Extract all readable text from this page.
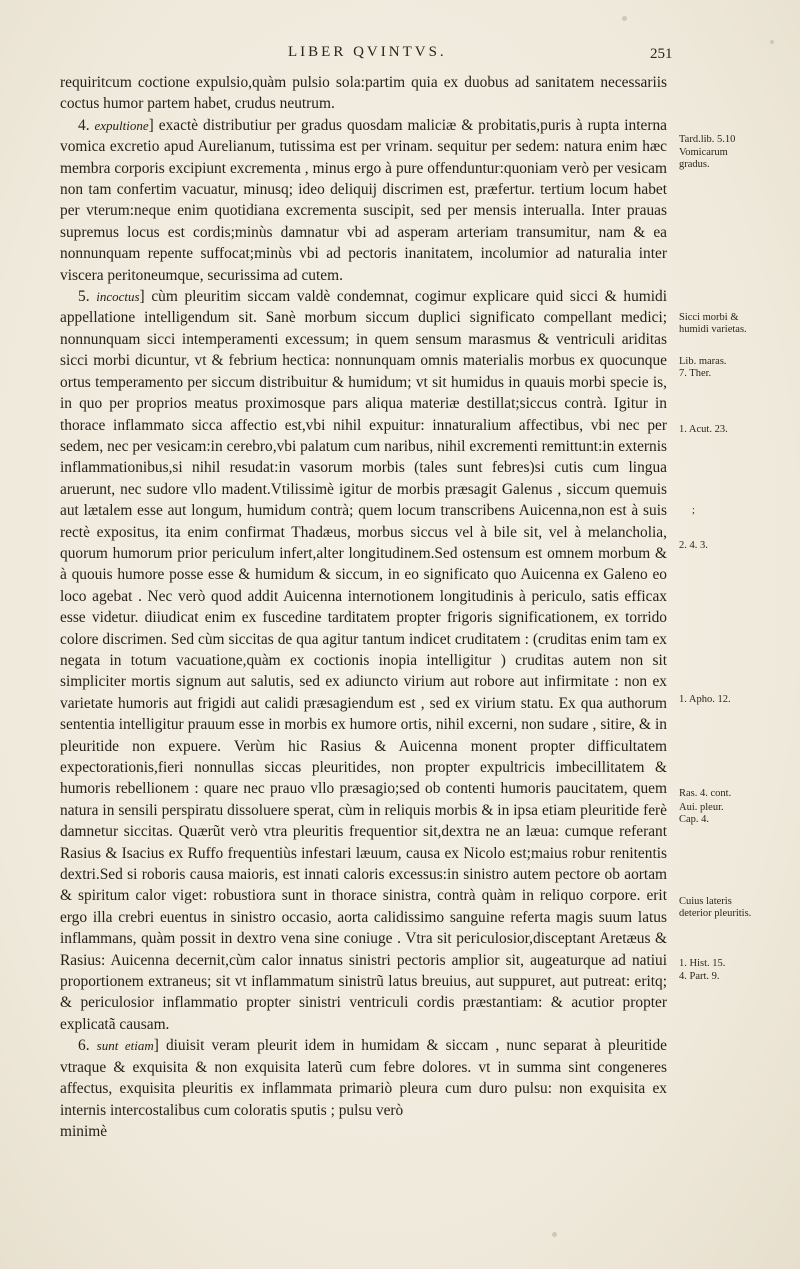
LIBER QVINTVS.	251

requiritcum coctione expulsio,quàm pulsio sola:partim quia ex duobus ad sanitatem necessariis coctus humor partem habet, crudus neutrum.

4. expultione] exactè distributiur per gradus quosdam maliciæ & probitatis,puris à rupta interna vomica excretio apud Aurelianum, tutissima est per vrinam. sequitur per sedem: natura enim hæc membra corporis excipiunt excrementa , minus ergo à pure offenduntur:quoniam verò per vesicam non tam confertim vacuatur, minusq; ideo deliquij discrimen est, præfertur. tertium locum habet per vterum:neque enim quotidiana excrementa suscipit, sed per mensis interualla. Inter prauas supremus locus est cordis;minùs damnatur vbi ad asperam arteriam transumitur, nam & ea nonnunquam repente suffocat;minùs vbi ad pectoris inanitatem, incolumior ad naturalia inter viscera peritoneumque, securissima ad cutem.

5. incoctus] cùm pleuritim siccam valdè condemnat, cogimur explicare quid sicci & humidi appellatione intelligendum sit. Sanè morbum siccum duplici significato compellant medici; nonnunquam sicci intemperamenti excessum; in quem sensum marasmus & ventriculi ariditas sicci morbi dicuntur, vt & febrium hectica: nonnunquam omnis materialis morbus ex quocunque ortus temperamento per siccum distribuitur & humidum; vt sit humidus in quauis morbi specie is, in quo per proprios meatus proximosque pars aliqua materiæ destillat;siccus contrà. Igitur in thorace inflammato sicca affectio est,vbi nihil expuitur: innaturalium affectibus, vbi nec per sedem, nec per vesicam:in cerebro,vbi palatum cum naribus, nihil excrementi remittunt:in externis inflammationibus,si nihil resudat:in vasorum morbis (tales sunt febres)si cutis cum lingua aruerunt, nec sudore vllo madent.Vtilissimè igitur de morbis præsagit Galenus , siccum quemuis aut lætalem esse aut longum, humidum contrà; quem locum transcribens Auicenna,non est à suis rectè expositus, ita enim confirmat Thadæus, morbus siccus vel à bile sit, vel à melancholia, quorum humorum prior periculum infert,alter longitudinem.Sed ostensum est omnem morbum & à quouis humore posse esse & humidum & siccum, in eo significato quo Auicenna ex Galeno eo loco agebat . Nec verò quod addit Auicenna internotionem longitudinis à periculo, satis efficax esse videtur. diiudicat enim ex fuscedine tarditatem propter frigoris significationem, ex torrido colore discrimen. Sed cùm siccitas de qua agitur tantum indicet cruditatem : (cruditas enim tam ex negata in totum vacuatione,quàm ex coctionis inopia intelligitur ) cruditas autem non sit simpliciter mortis signum aut salutis, sed ex adiuncto virium aut robore aut infirmitate : non ex varietate humoris aut frigidi aut calidi præsagiendum est , sed ex virium statu. Ex qua authorum sententia intelligitur prauum esse in morbis ex humore ortis, nihil excerni, non sudare , sitire, & in pleuritide non expuere. Verùm hic Rasius & Auicenna monent propter difficultatem expectorationis,fieri nonnullas siccas pleuritides, non propter expultricis imbecillitatem & humoris rebellionem : quare nec prauo vllo præsagio;sed ob contenti humoris paucitatem, quem natura in sensili perspiratu dissoluere sperat, cùm in reliquis morbis & in ipsa etiam pleuritide ferè damnetur siccitas. Quærũt verò vtra pleuritis frequentior sit,dextra ne an læua: cumque referant Rasius & Isacius ex Ruffo frequentiùs infestari læuum, causa ex Nicolo est;maius robur renitentis dextri.Sed si roboris causa maioris, est innati caloris excessus:in sinistro autem pectore ob aortam & spiritum calor viget: robustiora sunt in thorace sinistra, contrà quàm in reliquo corpore. erit ergo illa crebri euentus in sinistro occasio, aorta calidissimo sanguine referta magis suum latus inflammans, quàm possit in dextro vena sine coniuge . Vtra sit periculosior,disceptant Aretæus & Rasius: Auicenna decernit,cùm calor innatus sinistri pectoris amplior sit, augeaturque ad natiui proportionem extraneus; sit vt inflammatum sinistrũ latus breuius, aut suppuret, aut putreat: eritq; & periculosior inflammatio propter sinistri ventriculi cordis præstantiam: & acutior propter explicatã causam.

6. sunt etiam] diuisit veram pleurit idem in humidam & siccam , nunc separat à pleuritide vtraque & exquisita & non exquisita laterũ cum febre dolores. vt in summa sint congeneres affectus, exquisita pleuritis ex inflammata primariò pleura cum duro pulsu: non exquisita ex internis intercostalibus cum coloratis sputis ; pulsu verò

minimè

Tard.lib. 5.10
Vomicarum gradus.
Sicci morbi & humidi varietas.
Lib. maras. 7. Ther.
1. Acut. 23.
;
2. 4. 3.
1. Apho. 12.
Ras. 4. cont.
Aui. pleur. Cap. 4.
Cuius lateris deterior pleuritis.
1. Hist. 15.
4. Part. 9.
